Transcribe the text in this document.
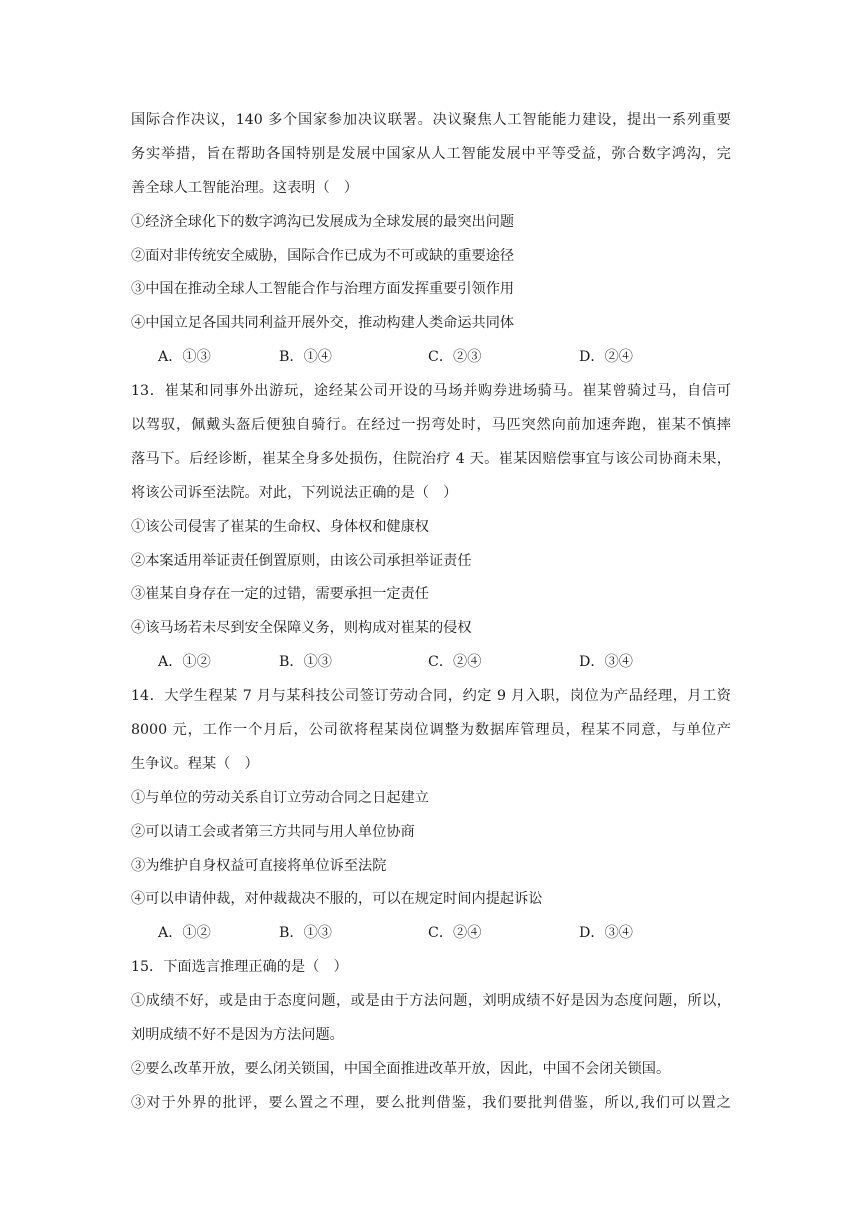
国际合作决议，140 多个国家参加决议联署。决议聚焦人工智能能力建设，提出一系列重要
务实举措，旨在帮助各国特别是发展中国家从人工智能发展中平等受益，弥合数字鸿沟，完
善全球人工智能治理。这表明（　）
①经济全球化下的数字鸿沟已发展成为全球发展的最突出问题
②面对非传统安全威胁，国际合作已成为不可或缺的重要途径
③中国在推动全球人工智能合作与治理方面发挥重要引领作用
④中国立足各国共同利益开展外交，推动构建人类命运共同体
A．①③	B．①④	C．②③	D．②④
13．崔某和同事外出游玩，途经某公司开设的马场并购券进场骑马。崔某曾骑过马，自信可
以驾驭，佩戴头盔后便独自骑行。在经过一拐弯处时，马匹突然向前加速奔跑，崔某不慎摔
落马下。后经诊断，崔某全身多处损伤，住院治疗 4 天。崔某因赔偿事宜与该公司协商未果，
将该公司诉至法院。对此，下列说法正确的是（　）
①该公司侵害了崔某的生命权、身体权和健康权
②本案适用举证责任倒置原则，由该公司承担举证责任
③崔某自身存在一定的过错，需要承担一定责任
④该马场若未尽到安全保障义务，则构成对崔某的侵权
A．①②	B．①③	C．②④	D．③④
14．大学生程某 7 月与某科技公司签订劳动合同，约定 9 月入职，岗位为产品经理，月工资
8000 元，工作一个月后，公司欲将程某岗位调整为数据库管理员，程某不同意，与单位产
生争议。程某（　）
①与单位的劳动关系自订立劳动合同之日起建立
②可以请工会或者第三方共同与用人单位协商
③为维护自身权益可直接将单位诉至法院
④可以申请仲裁，对仲裁裁决不服的，可以在规定时间内提起诉讼
A．①②	B．①③	C．②④	D．③④
15．下面选言推理正确的是（　）
①成绩不好，或是由于态度问题，或是由于方法问题，刘明成绩不好是因为态度问题，所以，
刘明成绩不好不是因为方法问题。
②要么改革开放，要么闭关锁国，中国全面推进改革开放，因此，中国不会闭关锁国。
③对于外界的批评，要么置之不理，要么批判借鉴，我们要批判借鉴，所以,我们可以置之
